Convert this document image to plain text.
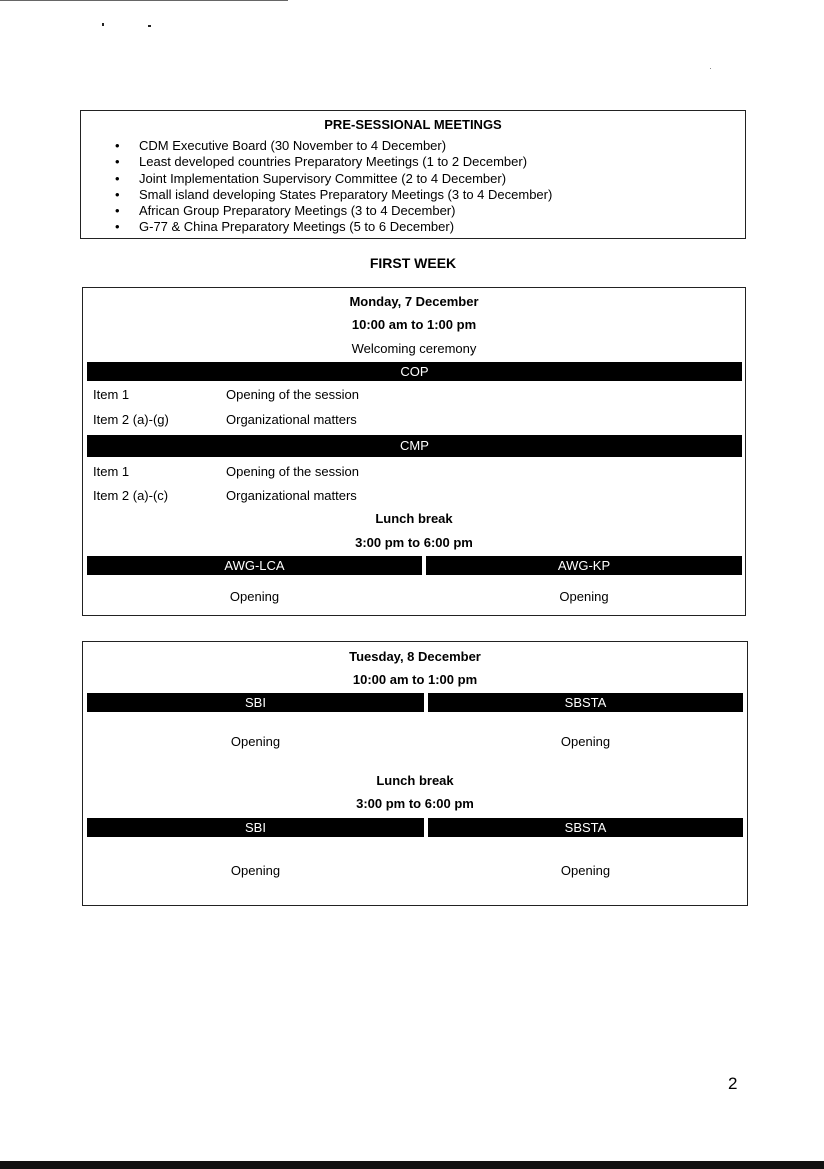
PRE-SESSIONAL MEETINGS
• CDM Executive Board (30 November to 4 December)
• Least developed countries Preparatory Meetings (1 to 2 December)
• Joint Implementation Supervisory Committee (2 to 4 December)
• Small island developing States Preparatory Meetings (3 to 4 December)
• African Group Preparatory Meetings (3 to 4 December)
• G-77 & China Preparatory Meetings (5 to 6 December)
FIRST WEEK
Monday, 7 December
10:00 am to 1:00 pm
Welcoming ceremony
COP
Item 1	Opening of the session
Item 2 (a)-(g)	Organizational matters
CMP
Item 1	Opening of the session
Item 2 (a)-(c)	Organizational matters
Lunch break
3:00 pm to 6:00 pm
AWG-LCA	AWG-KP
Opening	Opening
Tuesday, 8 December
10:00 am to 1:00 pm
SBI	SBSTA
Opening	Opening
Lunch break
3:00 pm to 6:00 pm
SBI	SBSTA
Opening	Opening
2
